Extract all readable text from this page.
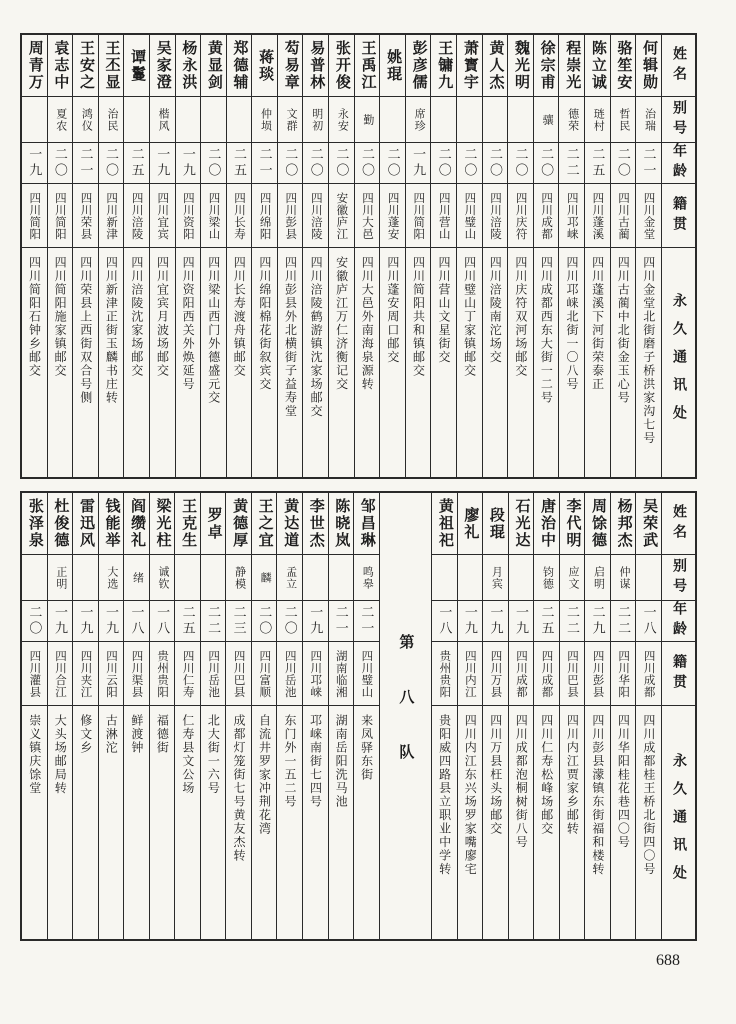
姓名
别号
年龄
籍贯
永久通讯处
何辑勋
治瑞
二一
四川金堂
四川金堂北街磨子桥洪家沟七号
骆笙安
哲民
二〇
四川古蔺
四川古蔺中北街金玉心号
陈立诚
琏村
二五
四川蓬溪
四川蓬溪下河街荣泰正
程崇光
德荣
二二
四川邛崃
四川邛崃北街一〇八号
徐宗甫
骧
二〇
四川成都
四川成都西东大街一二号
魏光明
二〇
四川庆符
四川庆符双河场邮交
黄人杰
二〇
四川涪陵
四川涪陵南沱场交
萧寳宇
二〇
四川璧山
四川璧山丁家镇邮交
王镛九
二〇
四川营山
四川营山文星街交
彭彦儒
席珍
一九
四川简阳
四川简阳共和镇邮交
姚琨
二〇
四川蓬安
四川蓬安周口邮交
王禹江
勤
二〇
四川大邑
四川大邑外南海泉源转
张开俊
永安
二〇
安徽庐江
安徽庐江万仁济衡记交
易普林
明初
二〇
四川涪陵
四川涪陵鹤游镇沈家场邮交
芶易章
文群
二〇
四川彭县
四川彭县外北横街子益寿堂
蒋琰
仲埙
二一
四川绵阳
四川绵阳棉花街叙宾交
郑德辅
二五
四川长寿
四川长寿渡舟镇邮交
黄显剑
二〇
四川梁山
四川梁山西门外德盛元交
杨永洪
一九
四川资阳
四川资阳西关外焕延号
吴家澄
楷风
一九
四川宜宾
四川宜宾月波场邮交
谭鬘
二五
四川涪陵
四川涪陵沈家场邮交
王丕显
治民
二〇
四川新津
四川新津正街玉麟书庄转
王安之
鸿仪
二一
四川荣县
四川荣县上西街双合号侧
袁志中
夏农
二〇
四川简阳
四川简阳施家镇邮交
周青万
一九
四川简阳
四川简阳石钟乡邮交
姓名
别号
年龄
籍贯
永久通讯处
吴荣武
一八
四川成都
四川成都桂王桥北街四〇号
杨邦杰
仲谋
二二
四川华阳
四川华阳桂花巷四〇号
周馀德
启明
二九
四川彭县
四川彭县濛镇东街福和楼转
李代明
应文
二二
四川巴县
四川内江贾家乡邮转
唐治中
钧德
二五
四川成都
四川仁寿松峰场邮交
石光达
一九
四川成都
四川成都泡桐树街八号
段琨
月宾
一九
四川万县
四川万县枉头场邮交
廖礼
一九
四川内江
四川内江东兴场罗家嘴廖宅
黄祖祀
一八
贵州贵阳
贵阳威四路县立职业中学转
第八队
邹昌琳
鸣皋
二一
四川璧山
来凤驿东街
陈晓岚
二一
湖南临湘
湖南岳阳洗马池
李世杰
一九
四川邛崃
邛崃南街七四号
黄达道
孟立
二〇
四川岳池
东门外一五二号
王之宜
麟
二〇
四川富顺
自流井罗家冲荆花湾
黄德厚
静模
二三
四川巴县
成都灯笼街七号黄友杰转
罗卓
二二
四川岳池
北大街一六号
王克生
二五
四川仁寿
仁寿县文公场
梁光柱
诚钦
一八
贵州贵阳
福德街
阎缵礼
绪
一八
四川渠县
鲜渡钟
钱能举
大选
一九
四川云阳
古淋沱
雷迅风
一九
四川夹江
修文乡
杜俊德
正明
一九
四川合江
大头场邮局转
张泽泉
二〇
四川灌县
崇义镇庆馀堂
688
